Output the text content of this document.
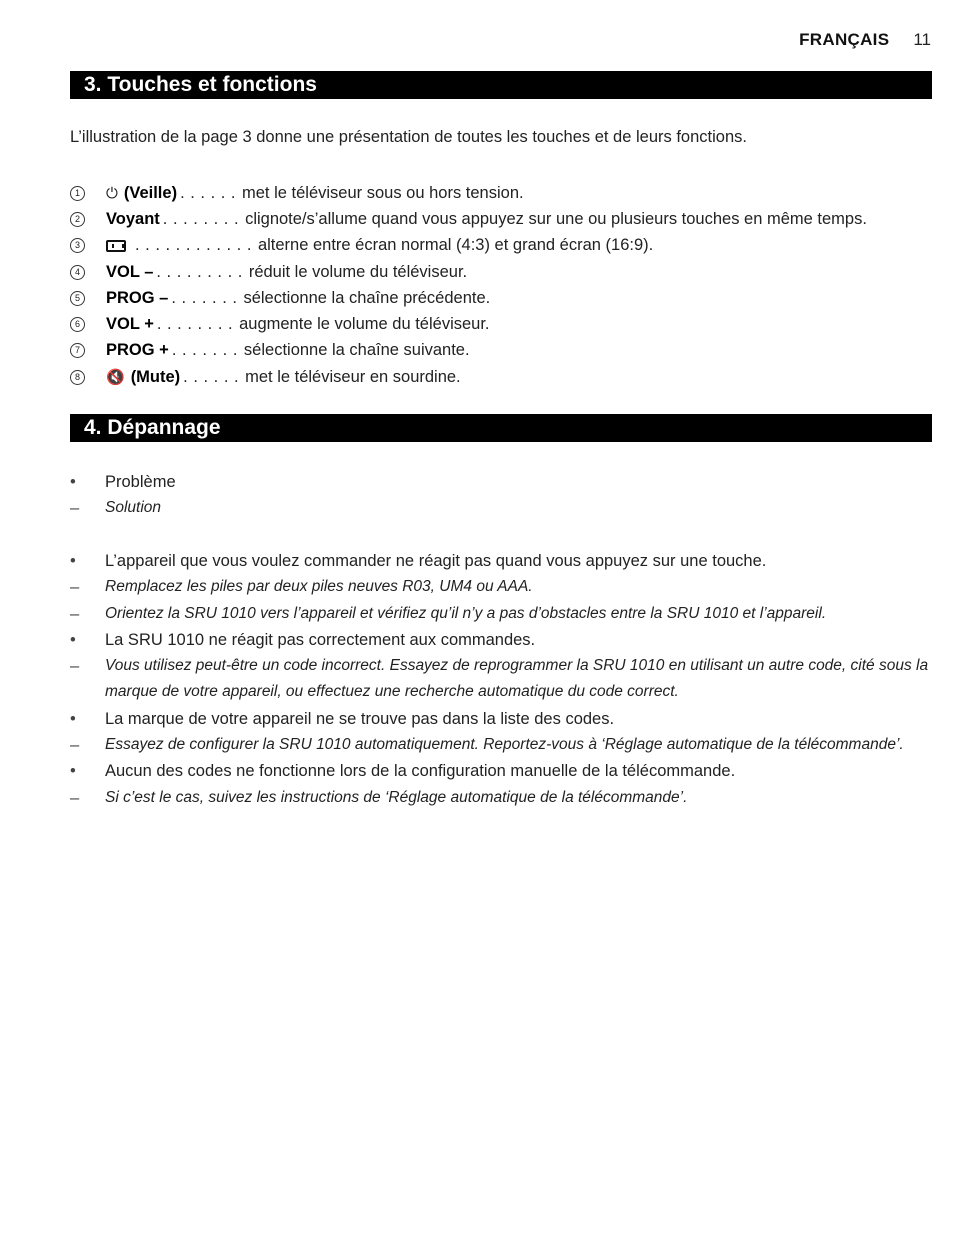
FRANÇAIS 11
3. Touches et fonctions
L’illustration de la page 3 donne une présentation de toutes les touches et de leurs fonctions.
1	⏻ (Veille) . . . . . . met le téléviseur sous ou hors tension.
2	Voyant . . . . . . . . clignote/s’allume quand vous appuyez sur une ou plusieurs touches en même temps.
3	. . . . . . . . . . . . alterne entre écran normal (4:3) et grand écran (16:9).
4	VOL – . . . . . . . . . réduit le volume du téléviseur.
5	PROG – . . . . . . . sélectionne la chaîne précédente.
6	VOL + . . . . . . . . augmente le volume du téléviseur.
7	PROG + . . . . . . . sélectionne la chaîne suivante.
8	🔇 (Mute) . . . . . . met le téléviseur en sourdine.
4. Dépannage
•	Problème
–	Solution
•	L’appareil que vous voulez commander ne réagit pas quand vous appuyez sur une touche.
–	Remplacez les piles par deux piles neuves R03, UM4 ou AAA.
–	Orientez la SRU 1010 vers l’appareil et vérifiez qu’il n’y a pas d’obstacles entre la SRU 1010 et l’appareil.
•	La SRU 1010 ne réagit pas correctement aux commandes.
–	Vous utilisez peut-être un code incorrect. Essayez de reprogrammer la SRU 1010 en utilisant un autre code, cité sous la marque de votre appareil, ou effectuez une recherche automatique du code correct.
•	La marque de votre appareil ne se trouve pas dans la liste des codes.
–	Essayez de configurer la SRU 1010 automatiquement. Reportez-vous à ‘Réglage automatique de la télécommande’.
•	Aucun des codes ne fonctionne lors de la configuration manuelle de la télécommande.
–	Si c’est le cas, suivez les instructions de ‘Réglage automatique de la télécommande’.
